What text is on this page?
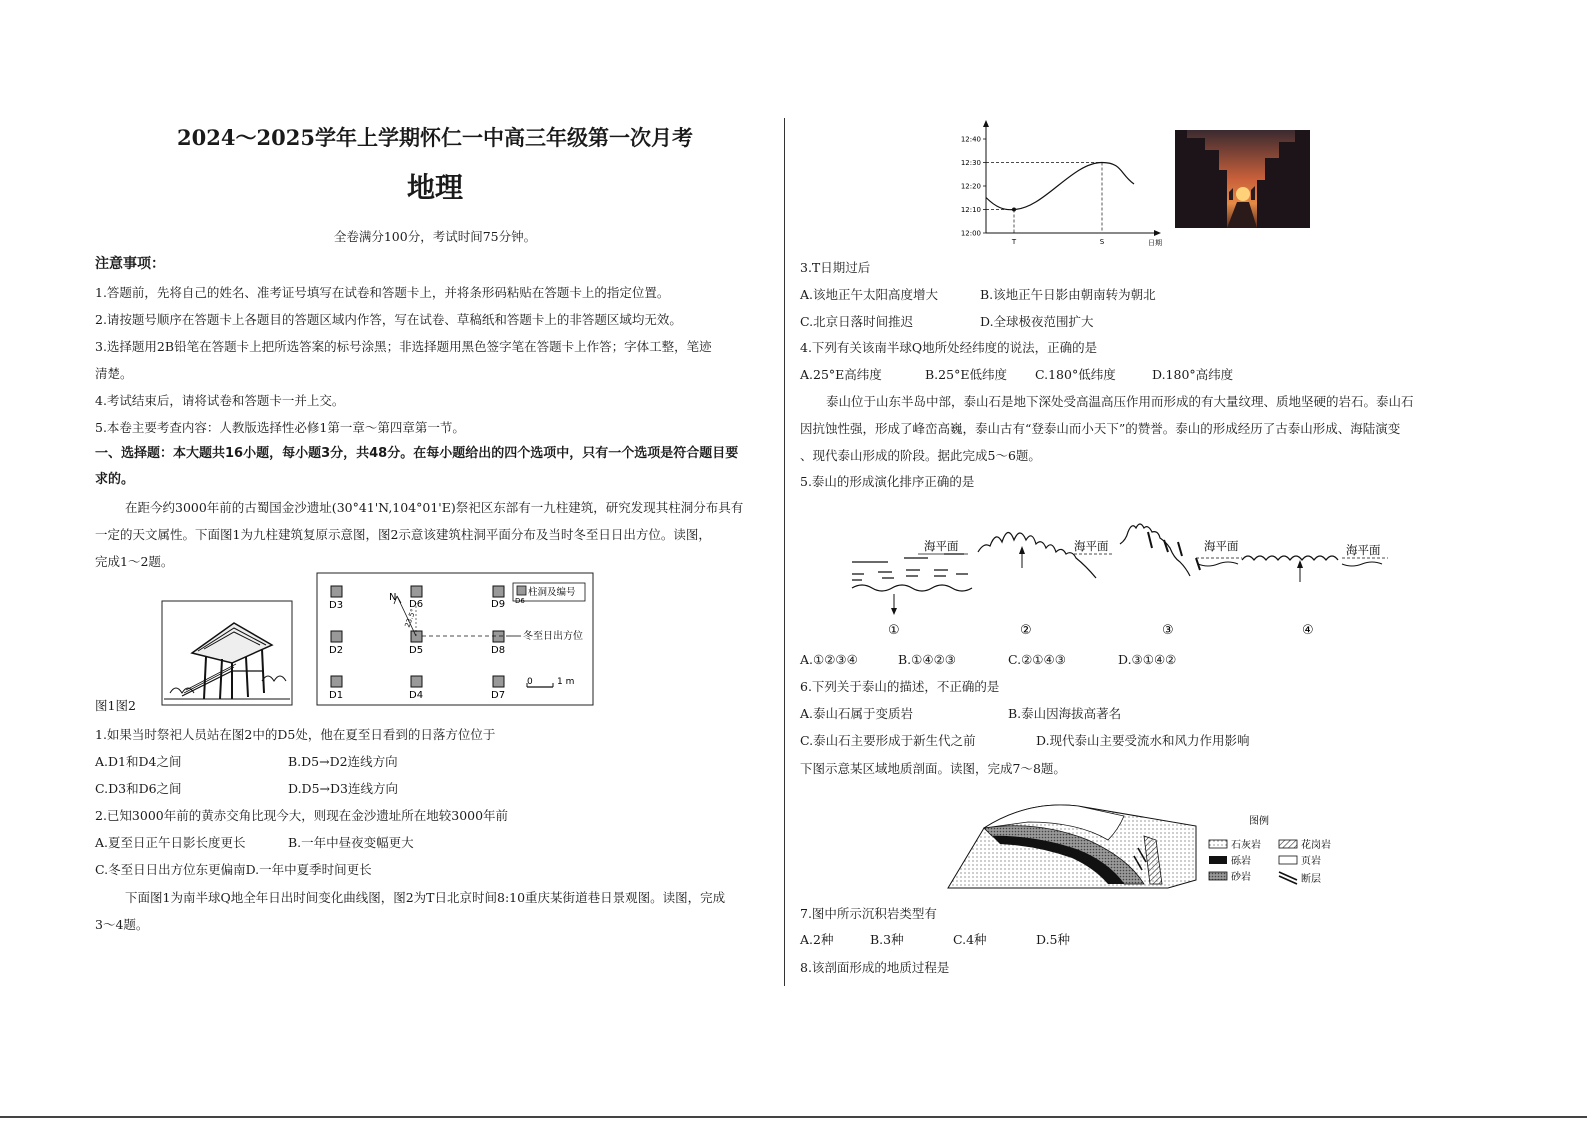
2024～2025学年上学期怀仁一中高三年级第一次月考
地理
全卷满分100分，考试时间75分钟。
注意事项：
1.答题前，先将自己的姓名、准考证号填写在试卷和答题卡上，并将条形码粘贴在答题卡上的指定位置。
2.请按题号顺序在答题卡上各题目的答题区域内作答，写在试卷、草稿纸和答题卡上的非答题区域均无效。
3.选择题用2B铅笔在答题卡上把所选答案的标号涂黑；非选择题用黑色签字笔在答题卡上作答；字体工整，笔迹
清楚。
4.考试结束后，请将试卷和答题卡一并上交。
5.本卷主要考查内容：人教版选择性必修1第一章～第四章第一节。
一、选择题：本大题共16小题，每小题3分，共48分。在每小题给出的四个选项中，只有一个选项是符合题目要
求的。
在距今约3000年前的古蜀国金沙遗址(30°41'N,104°01'E)祭祀区东部有一九柱建筑，研究发现其柱洞分布具有
一定的天文属性。下面图1为九柱建筑复原示意图，图2示意该建筑柱洞平面分布及当时冬至日日出方位。读图，
完成1～2题。
D3	D6	D9
D2	D5	D8
D1	D4	D7
N
23.5°
冬至日出方位
柱洞及编号
D6
0	1 m
图1图2
1.如果当时祭祀人员站在图2中的D5处，他在夏至日看到的日落方位位于
A.D1和D4之间	B.D5→D2连线方向
C.D3和D6之间	D.D5→D3连线方向
2.已知3000年前的黄赤交角比现今大，则现在金沙遗址所在地较3000年前
A.夏至日正午日影长度更长	B.一年中昼夜变幅更大
C.冬至日日出方位东更偏南D.一年中夏季时间更长
下面图1为南半球Q地全年日出时间变化曲线图，图2为T日北京时间8:10重庆某街道巷日景观图。读图，完成
3～4题。
日期
12:00
12:10
12:20
12:30
12:40
T	S
3.T日期过后
A.该地正午太阳高度增大	B.该地正午日影由朝南转为朝北
C.北京日落时间推迟	D.全球极夜范围扩大
4.下列有关该南半球Q地所处经纬度的说法，正确的是
A.25°E高纬度	B.25°E低纬度 C.180°低纬度	D.180°高纬度
泰山位于山东半岛中部，泰山石是地下深处受高温高压作用而形成的有大量纹理、质地坚硬的岩石。泰山石
因抗蚀性强，形成了峰峦高巍，泰山古有“登泰山而小天下”的赞誉。泰山的形成经历了古泰山形成、海陆演变
、现代泰山形成的阶段。据此完成5～6题。
5.泰山的形成演化排序正确的是
海平面
①
海平面
②
海平面
③
海平面
④
A.①②③④	B.①④②③	C.②①④③	D.③①④②
6.下列关于泰山的描述，不正确的是
A.泰山石属于变质岩	B.泰山因海拔高著名
C.泰山石主要形成于新生代之前	D.现代泰山主要受流水和风力作用影响
下图示意某区域地质剖面。读图，完成7～8题。
图例
石灰岩	花岗岩
砾岩	页岩
砂岩	断层
7.图中所示沉积岩类型有
A.2种	B.3种	C.4种	D.5种
8.该剖面形成的地质过程是
